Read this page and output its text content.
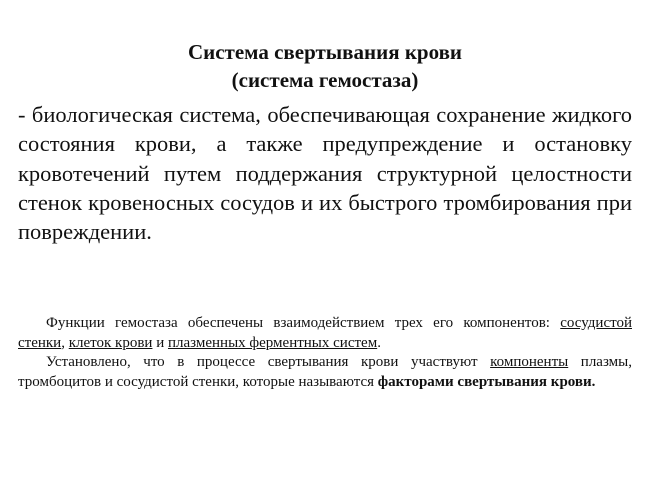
Система свертывания крови
(система гемостаза)
- биологическая система, обеспечивающая сохранение жидкого состояния крови, а также предупреждение и остановку кровотечений путем поддержания структурной целостности стенок кровеносных сосудов и их быстрого тромбирования при повреждении.

Функции гемостаза обеспечены взаимодействием трех его компонентов: сосудистой стенки, клеток крови и плазменных ферментных систем.

Установлено, что в процессе свертывания крови участвуют компоненты плазмы, тромбоцитов и сосудистой стенки, которые называются факторами свертывания крови.
